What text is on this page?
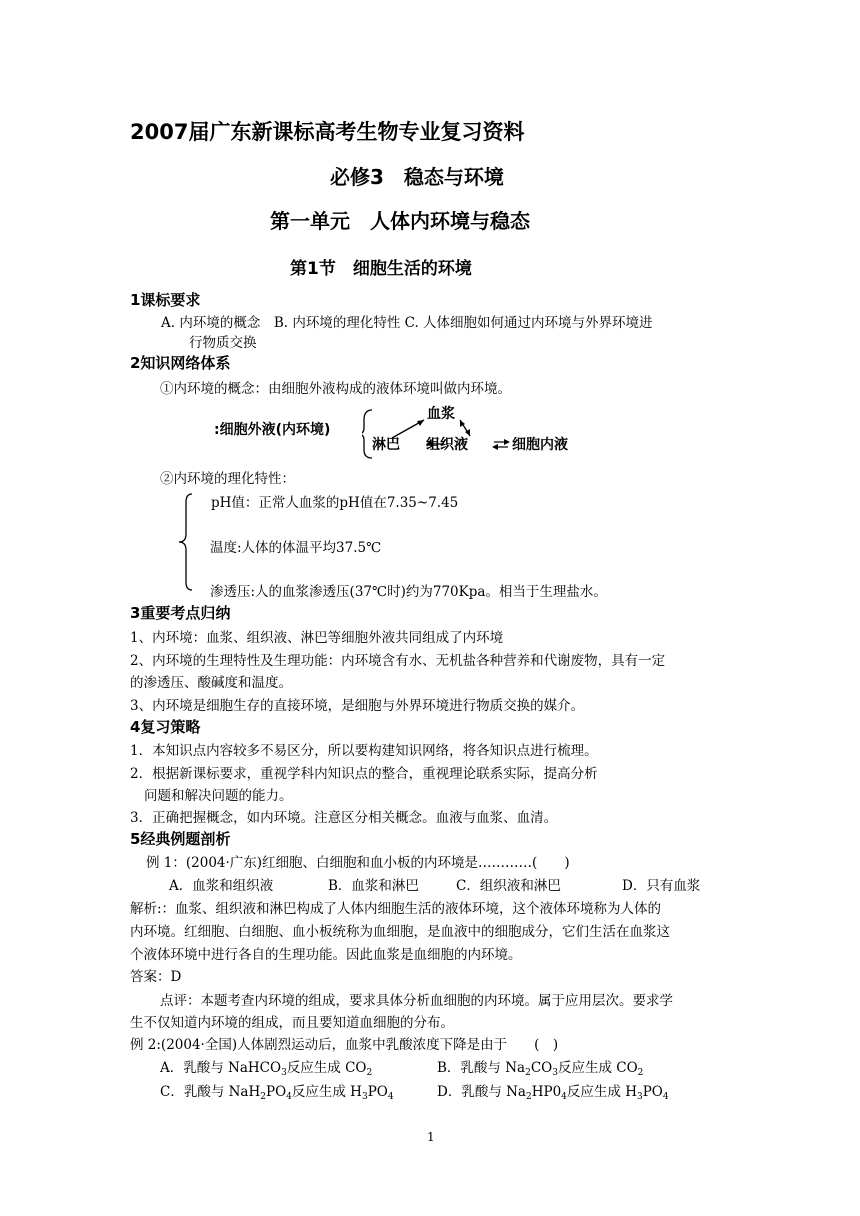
2007届广东新课标高考生物专业复习资料
必修3　稳态与环境
第一单元　人体内环境与稳态
第1节　细胞生活的环境
1课标要求
A. 内环境的概念　B. 内环境的理化特性 C. 人体细胞如何通过内环境与外界环境进
行物质交换
2知识网络体系
①内环境的概念：由细胞外液构成的液体环境叫做内环境。
:细胞外液(内环境)
血浆
淋巴 组织液	细胞内液
②内环境的理化特性：
pH值：正常人血浆的pH值在7.35~7.45
温度:人体的体温平均37.5℃
渗透压:人的血浆渗透压(37℃时)约为770Kpa。相当于生理盐水。
3重要考点归纳
1、内环境：血浆、组织液、淋巴等细胞外液共同组成了内环境
2、内环境的生理特性及生理功能：内环境含有水、无机盐各种营养和代谢废物，具有一定
的渗透压、酸碱度和温度。
3、内环境是细胞生存的直接环境，是细胞与外界环境进行物质交换的媒介。
4复习策略
1．本知识点内容较多不易区分，所以要构建知识网络，将各知识点进行梳理。
2．根据新课标要求，重视学科内知识点的整合，重视理论联系实际，提高分析
问题和解决问题的能力。
3．正确把握概念，如内环境。注意区分相关概念。血液与血浆、血清。
5经典例题剖析
例 1：(2004·广东)红细胞、白细胞和血小板的内环境是…………(　　)
A．血浆和组织液	B．血浆和淋巴	C．组织液和淋巴	D．只有血浆
解析:：血浆、组织液和淋巴构成了人体内细胞生活的液体环境，这个液体环境称为人体的
内环境。红细胞、白细胞、血小板统称为血细胞，是血液中的细胞成分，它们生活在血浆这
个液体环境中进行各自的生理功能。因此血浆是血细胞的内环境。
答案：D
点评：本题考查内环境的组成，要求具体分析血细胞的内环境。属于应用层次。要求学
生不仅知道内环境的组成，而且要知道血细胞的分布。
例 2:(2004·全国)人体剧烈运动后，血浆中乳酸浓度下降是由于　　(　)
A．乳酸与 NaHCO$_3$反应生成 $CO_2$	B．乳酸与 $Na_2CO_3$反应生成 $CO_2$
C．乳酸与 $NaH_2PO_4$反应生成 $H_3PO_4$	D．乳酸与 $Na_2HP0_4$反应生成 $H_3PO_4$
1
